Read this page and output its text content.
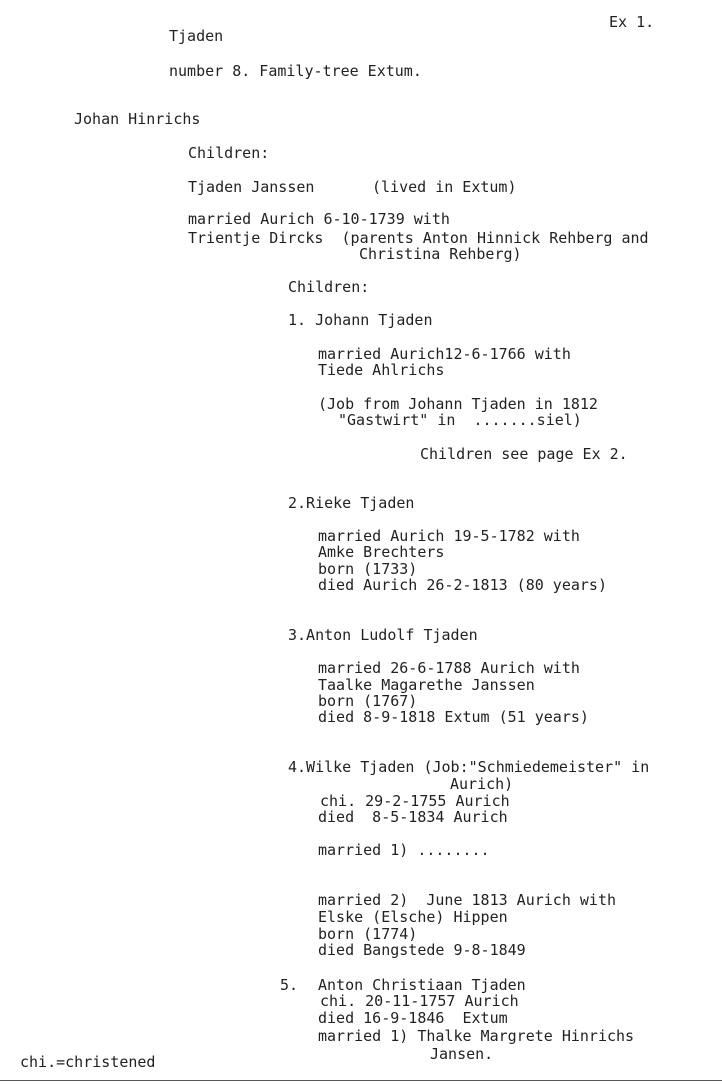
Ex 1.

Tjaden

number 8. Family-tree Extum.

Johan Hinrichs

Children:

Tjaden Janssen	(lived in Extum)

married Aurich 6-10-1739 with

Trientje Dircks  (parents Anton Hinnick Rehberg and

Christina Rehberg)

Children:

1. Johann Tjaden

married Aurich12-6-1766 with

Tiede Ahlrichs

(Job from Johann Tjaden in 1812

"Gastwirt" in  .......siel)

Children see page Ex 2.

2.Rieke Tjaden

married Aurich 19-5-1782 with

Amke Brechters

born (1733)

died Aurich 26-2-1813 (80 years)

3.Anton Ludolf Tjaden

married 26-6-1788 Aurich with

Taalke Magarethe Janssen

born (1767)

died 8-9-1818 Extum (51 years)

4.Wilke Tjaden (Job:"Schmiedemeister" in

Aurich)

chi. 29-2-1755 Aurich

died  8-5-1834 Aurich

married 1) ........

married 2)  June 1813 Aurich with

Elske (Elsche) Hippen

born (1774)

died Bangstede 9-8-1849

5. Anton Christiaan Tjaden

chi. 20-11-1757 Aurich

died 16-9-1846  Extum

married 1) Thalke Margrete Hinrichs

Jansen.

chi.=christened
